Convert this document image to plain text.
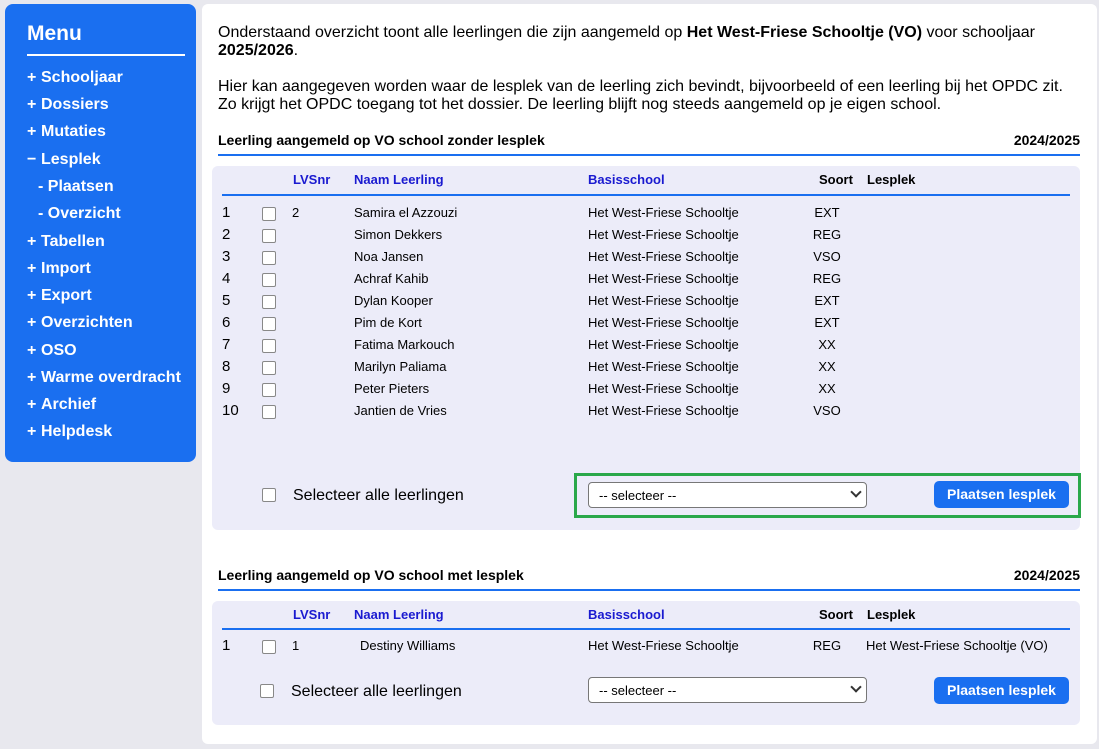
Menu
+ Schooljaar
+ Dossiers
+ Mutaties
− Lesplek
- Plaatsen
- Overzicht
+ Tabellen
+ Import
+ Export
+ Overzichten
+ OSO
+ Warme overdracht
+ Archief
+ Helpdesk

Onderstaand overzicht toont alle leerlingen die zijn aangemeld op Het West-Friese Schooltje (VO) voor schooljaar 2025/2026.

Hier kan aangegeven worden waar de lesplek van de leerling zich bevindt, bijvoorbeeld of een leerling bij het OPDC zit. Zo krijgt het OPDC toegang tot het dossier. De leerling blijft nog steeds aangemeld op je eigen school.

Leerling aangemeld op VO school zonder lesplek	2024/2025
LVSnr Naam Leerling	Basisschool	Soort Lesplek
1	2	Samira el Azzouzi	Het West-Friese Schooltje	EXT
2	Simon Dekkers	Het West-Friese Schooltje	REG
3	Noa Jansen	Het West-Friese Schooltje	VSO
4	Achraf Kahib	Het West-Friese Schooltje	REG
5	Dylan Kooper	Het West-Friese Schooltje	EXT
6	Pim de Kort	Het West-Friese Schooltje	EXT
7	Fatima Markouch	Het West-Friese Schooltje	XX
8	Marilyn Paliama	Het West-Friese Schooltje	XX
9	Peter Pieters	Het West-Friese Schooltje	XX
10	Jantien de Vries	Het West-Friese Schooltje	VSO
Selecteer alle leerlingen	-- selecteer --	Plaatsen lesplek
Leerling aangemeld op VO school met lesplek	2024/2025
LVSnr Naam Leerling	Basisschool	Soort Lesplek
1	1	Destiny Williams	Het West-Friese Schooltje	REG	Het West-Friese Schooltje (VO)
Selecteer alle leerlingen	-- selecteer --	Plaatsen lesplek
